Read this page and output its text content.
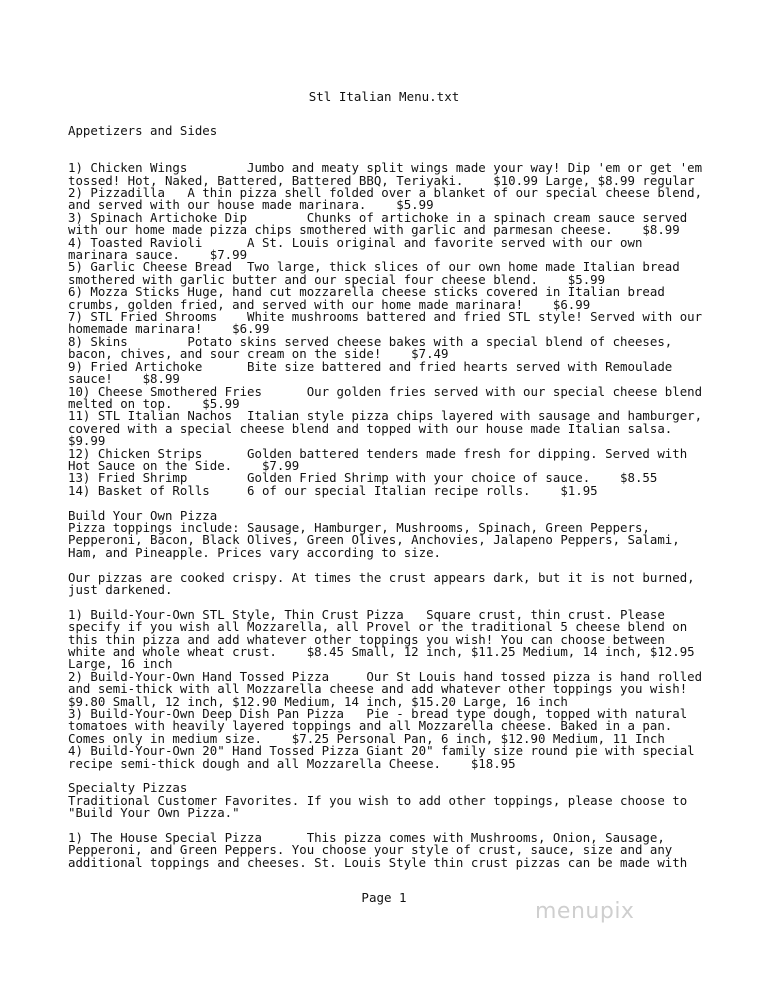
Stl Italian Menu.txt

Appetizers and Sides

1) Chicken Wings        Jumbo and meaty split wings made your way! Dip 'em or get 'em tossed! Hot, Naked, Battered, Battered BBQ, Teriyaki.    $10.99 Large, $8.99 regular

2) Pizzadilla   A thin pizza shell folded over a blanket of our special cheese blend, and served with our house made marinara.    $5.99

3) Spinach Artichoke Dip        Chunks of artichoke in a spinach cream sauce served with our home made pizza chips smothered with garlic and parmesan cheese.    $8.99

4) Toasted Ravioli      A St. Louis original and favorite served with our own marinara sauce.    $7.99

5) Garlic Cheese Bread  Two large, thick slices of our own home made Italian bread smothered with garlic butter and our special four cheese blend.    $5.99

6) Mozza Sticks Huge, hand cut mozzarella cheese sticks covered in Italian bread crumbs, golden fried, and served with our home made marinara!    $6.99

7) STL Fried Shrooms    White mushrooms battered and fried STL style! Served with our homemade marinara!    $6.99

8) Skins        Potato skins served cheese bakes with a special blend of cheeses, bacon, chives, and sour cream on the side!    $7.49

9) Fried Artichoke      Bite size battered and fried hearts served with Remoulade sauce!    $8.99

10) Cheese Smothered Fries      Our golden fries served with our special cheese blend melted on top.    $5.99

11) STL Italian Nachos  Italian style pizza chips layered with sausage and hamburger, covered with a special cheese blend and topped with our house made Italian salsa.    $9.99

12) Chicken Strips      Golden battered tenders made fresh for dipping. Served with Hot Sauce on the Side.    $7.99

13) Fried Shrimp        Golden Fried Shrimp with your choice of sauce.    $8.55

14) Basket of Rolls     6 of our special Italian recipe rolls.    $1.95

Build Your Own Pizza

Pizza toppings include: Sausage, Hamburger, Mushrooms, Spinach, Green Peppers, Pepperoni, Bacon, Black Olives, Green Olives, Anchovies, Jalapeno Peppers, Salami, Ham, and Pineapple. Prices vary according to size.

Our pizzas are cooked crispy. At times the crust appears dark, but it is not burned, just darkened.

1) Build-Your-Own STL Style, Thin Crust Pizza   Square crust, thin crust. Please specify if you wish all Mozzarella, all Provel or the traditional 5 cheese blend on this thin pizza and add whatever other toppings you wish! You can choose between white and whole wheat crust.    $8.45 Small, 12 inch, $11.25 Medium, 14 inch, $12.95 Large, 16 inch

2) Build-Your-Own Hand Tossed Pizza     Our St Louis hand tossed pizza is hand rolled and semi-thick with all Mozzarella cheese and add whatever other toppings you wish!    $9.80 Small, 12 inch, $12.90 Medium, 14 inch, $15.20 Large, 16 inch

3) Build-Your-Own Deep Dish Pan Pizza   Pie - bread type dough, topped with natural tomatoes with heavily layered toppings and all Mozzarella cheese. Baked in a pan. Comes only in medium size.    $7.25 Personal Pan, 6 inch, $12.90 Medium, 11 Inch

4) Build-Your-Own 20" Hand Tossed Pizza Giant 20" family size round pie with special recipe semi-thick dough and all Mozzarella Cheese.    $18.95

Specialty Pizzas

Traditional Customer Favorites. If you wish to add other toppings, please choose to "Build Your Own Pizza."

1) The House Special Pizza      This pizza comes with Mushrooms, Onion, Sausage, Pepperoni, and Green Peppers. You choose your style of crust, sauce, size and any additional toppings and cheeses. St. Louis Style thin crust pizzas can be made with

Page 1
menupix
